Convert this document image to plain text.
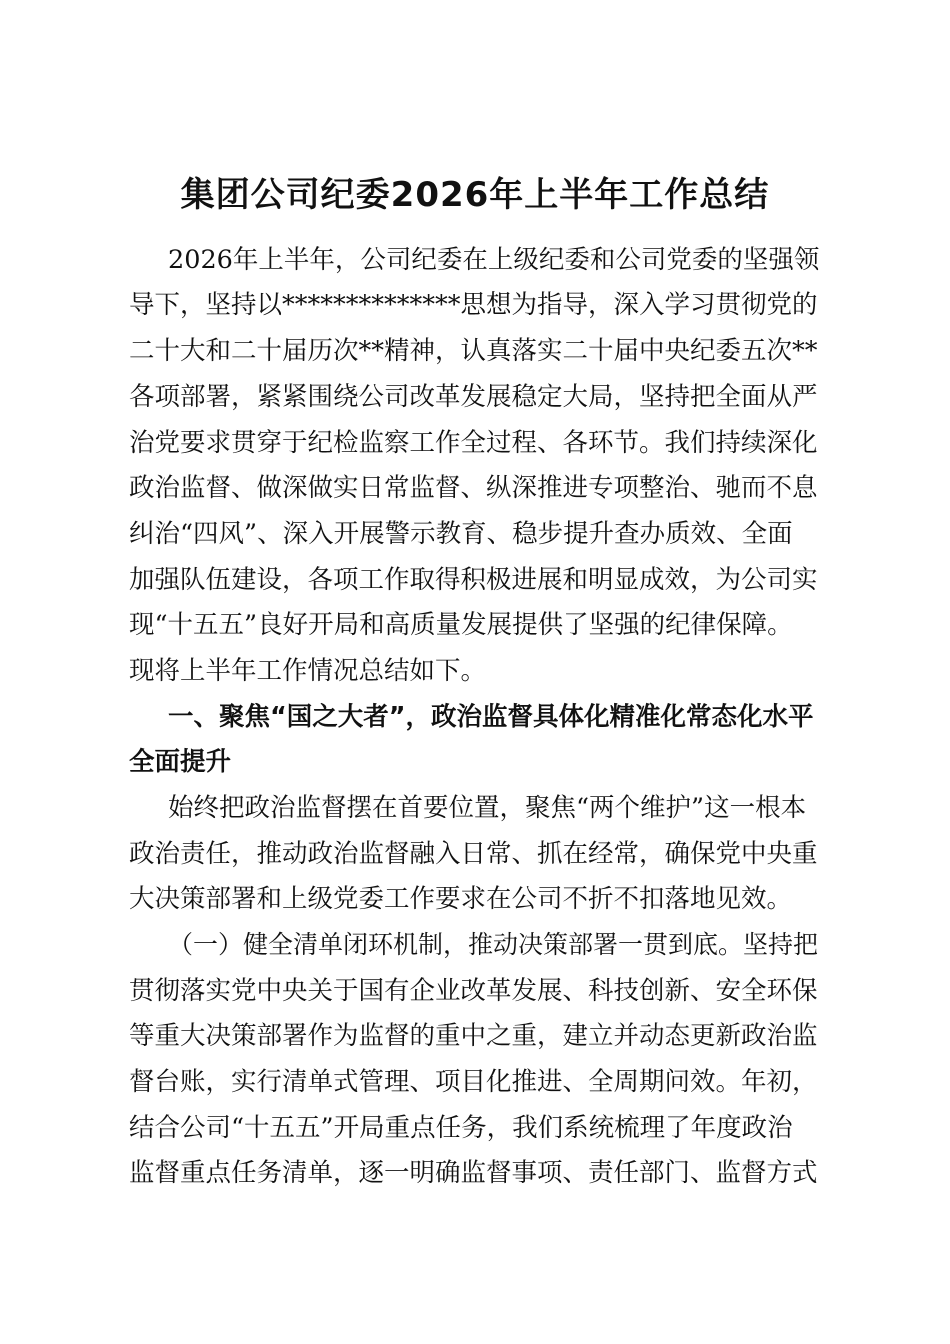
集团公司纪委2026年上半年工作总结
2026年上半年，公司纪委在上级纪委和公司党委的坚强领
导下，坚持以**************思想为指导，深入学习贯彻党的
二十大和二十届历次**精神，认真落实二十届中央纪委五次**
各项部署，紧紧围绕公司改革发展稳定大局，坚持把全面从严
治党要求贯穿于纪检监察工作全过程、各环节。我们持续深化
政治监督、做深做实日常监督、纵深推进专项整治、驰而不息
纠治“四风”、深入开展警示教育、稳步提升查办质效、全面
加强队伍建设，各项工作取得积极进展和明显成效，为公司实
现“十五五”良好开局和高质量发展提供了坚强的纪律保障。
现将上半年工作情况总结如下。
一、聚焦“国之大者”，政治监督具体化精准化常态化水平
全面提升
始终把政治监督摆在首要位置，聚焦“两个维护”这一根本
政治责任，推动政治监督融入日常、抓在经常，确保党中央重
大决策部署和上级党委工作要求在公司不折不扣落地见效。
（一）健全清单闭环机制，推动决策部署一贯到底。坚持把
贯彻落实党中央关于国有企业改革发展、科技创新、安全环保
等重大决策部署作为监督的重中之重，建立并动态更新政治监
督台账，实行清单式管理、项目化推进、全周期问效。年初，
结合公司“十五五”开局重点任务，我们系统梳理了年度政治
监督重点任务清单，逐一明确监督事项、责任部门、监督方式
